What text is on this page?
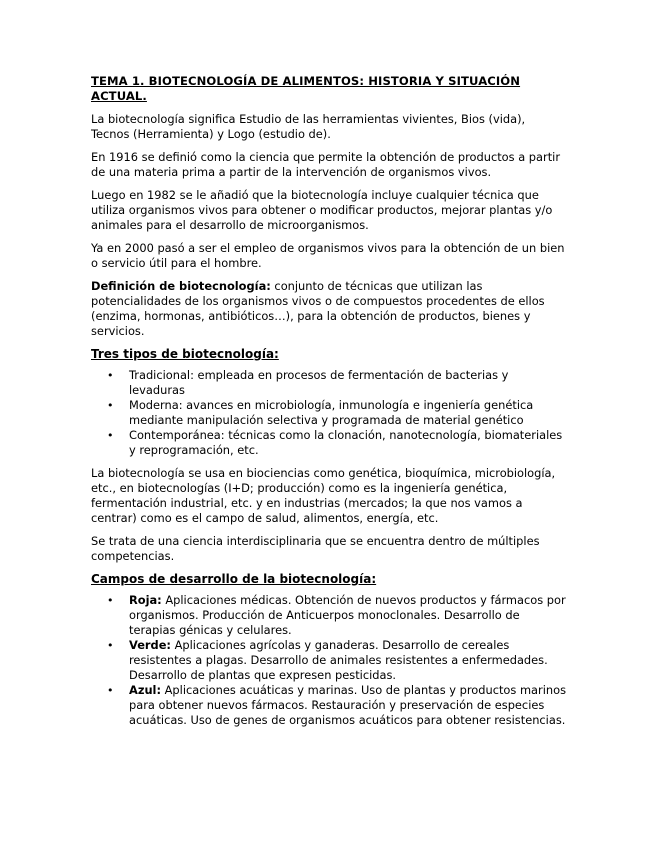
TEMA 1. BIOTECNOLOGÍA DE ALIMENTOS: HISTORIA Y SITUACIÓN ACTUAL.

La biotecnología significa Estudio de las herramientas vivientes, Bios (vida), Tecnos (Herramienta) y Logo (estudio de).

En 1916 se definió como la ciencia que permite la obtención de productos a partir de una materia prima a partir de la intervención de organismos vivos.

Luego en 1982 se le añadió que la biotecnología incluye cualquier técnica que utiliza organismos vivos para obtener o modificar productos, mejorar plantas y/o animales para el desarrollo de microorganismos.

Ya en 2000 pasó a ser el empleo de organismos vivos para la obtención de un bien o servicio útil para el hombre.

Definición de biotecnología: conjunto de técnicas que utilizan las potencialidades de los organismos vivos o de compuestos procedentes de ellos (enzima, hormonas, antibióticos…), para la obtención de productos, bienes y servicios.

Tres tipos de biotecnología:
• Tradicional: empleada en procesos de fermentación de bacterias y levaduras
• Moderna: avances en microbiología, inmunología e ingeniería genética mediante manipulación selectiva y programada de material genético
• Contemporánea: técnicas como la clonación, nanotecnología, biomateriales y reprogramación, etc.

La biotecnología se usa en biociencias como genética, bioquímica, microbiología, etc., en biotecnologías (I+D; producción) como es la ingeniería genética, fermentación industrial, etc. y en industrias (mercados; la que nos vamos a centrar) como es el campo de salud, alimentos, energía, etc.

Se trata de una ciencia interdisciplinaria que se encuentra dentro de múltiples competencias.

Campos de desarrollo de la biotecnología:
• Roja: Aplicaciones médicas. Obtención de nuevos productos y fármacos por organismos. Producción de Anticuerpos monoclonales. Desarrollo de terapias génicas y celulares.
• Verde: Aplicaciones agrícolas y ganaderas. Desarrollo de cereales resistentes a plagas. Desarrollo de animales resistentes a enfermedades. Desarrollo de plantas que expresen pesticidas.
• Azul: Aplicaciones acuáticas y marinas. Uso de plantas y productos marinos para obtener nuevos fármacos. Restauración y preservación de especies acuáticas. Uso de genes de organismos acuáticos para obtener resistencias.
